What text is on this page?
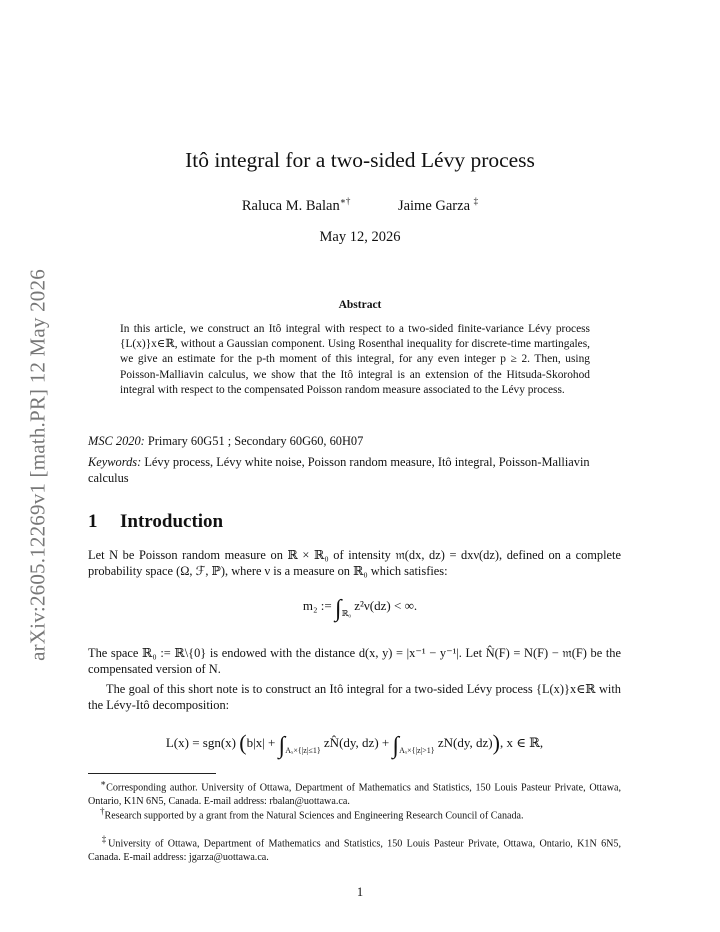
arXiv:2605.12269v1 [math.PR] 12 May 2026
Itô integral for a two-sided Lévy process
Raluca M. Balan∗†	Jaime Garza ‡
May 12, 2026
Abstract
In this article, we construct an Itô integral with respect to a two-sided finite-variance Lévy process {L(x)}x∈ℝ, without a Gaussian component. Using Rosenthal inequality for discrete-time martingales, we give an estimate for the p-th moment of this integral, for any even integer p ≥ 2. Then, using Poisson-Malliavin calculus, we show that the Itô integral is an extension of the Hitsuda-Skorohod integral with respect to the compensated Poisson random measure associated to the Lévy process.
MSC 2020: Primary 60G51 ; Secondary 60G60, 60H07
Keywords: Lévy process, Lévy white noise, Poisson random measure, Itô integral, Poisson-Malliavin calculus
1 Introduction
Let N be Poisson random measure on ℝ × ℝ₀ of intensity 𝔪(dx, dz) = dxν(dz), defined on a complete probability space (Ω, ℱ, ℙ), where ν is a measure on ℝ₀ which satisfies:
m₂ := $\int_{ℝ_0}$ z²ν(dz) < ∞.
The space ℝ₀ := ℝ\{0} is endowed with the distance d(x, y) = |x⁻¹ − y⁻¹|. Let N̂(F) = N(F) − 𝔪(F) be the compensated version of N.
The goal of this short note is to construct an Itô integral for a two-sided Lévy process {L(x)}x∈ℝ with the Lévy-Itô decomposition:
L(x) = sgn(x) ($b|x| + \int_{A_x\times\{|z|\le 1\}}$ zN̂(dy, $dz) + \int_{A_x\times\{|z|>1\}}$ zN(dy, dz)), x ∈ ℝ,
∗Corresponding author. University of Ottawa, Department of Mathematics and Statistics, 150 Louis Pasteur Private, Ottawa, Ontario, K1N 6N5, Canada. E-mail address: rbalan@uottawa.ca.
†Research supported by a grant from the Natural Sciences and Engineering Research Council of Canada.
‡University of Ottawa, Department of Mathematics and Statistics, 150 Louis Pasteur Private, Ottawa, Ontario, K1N 6N5, Canada. E-mail address: jgarza@uottawa.ca.
1
